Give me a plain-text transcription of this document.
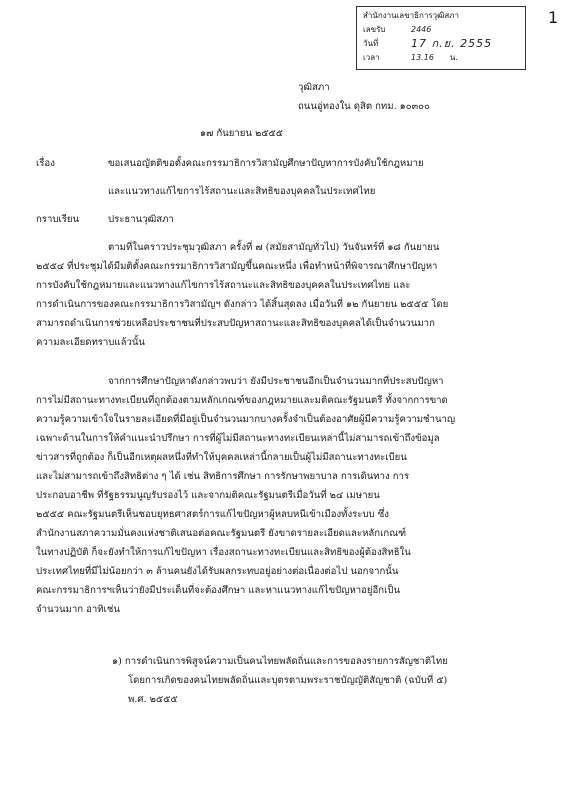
สำนักงานเลขาธิการวุฒิสภา
เลขรับ	2446
วันที่	17 ก.ย. 2555
เวลา	13.16 น.
1
วุฒิสภา
ถนนอู่ทองใน ดุสิต กทม. ๑๐๓๐๐
๑๗ กันยายน ๒๕๕๕
เรื่อง	ขอเสนอญัตติขอตั้งคณะกรรมาธิการวิสามัญศึกษาปัญหาการบังคับใช้กฎหมาย
และแนวทางแก้ไขการไร้สถานะและสิทธิของบุคคลในประเทศไทย
กราบเรียน	ประธานวุฒิสภา
ตามที่ในคราวประชุมวุฒิสภา ครั้งที่ ๗ (สมัยสามัญทั่วไป) วันจันทร์ที่ ๑๘ กันยายน
๒๕๕๔ ที่ประชุมได้มีมติตั้งคณะกรรมาธิการวิสามัญขึ้นคณะหนึ่ง เพื่อทำหน้าที่พิจารณาศึกษาปัญหา
การบังคับใช้กฎหมายและแนวทางแก้ไขการไร้สถานะและสิทธิของบุคคลในประเทศไทย และ
การดำเนินการของคณะกรรมาธิการวิสามัญฯ ดังกล่าว ได้สิ้นสุดลง เมื่อวันที่ ๑๒ กันยายน ๒๕๕๕ โดย
สามารถดำเนินการช่วยเหลือประชาชนที่ประสบปัญหาสถานะและสิทธิของบุคคลได้เป็นจำนวนมาก
ความละเอียดทราบแล้วนั้น
จากการศึกษาปัญหาดังกล่าวพบว่า ยังมีประชาชนอีกเป็นจำนวนมากที่ประสบปัญหา
การไม่มีสถานะทางทะเบียนที่ถูกต้องตามหลักเกณฑ์ของกฎหมายและมติคณะรัฐมนตรี ทั้งจากการขาด
ความรู้ความเข้าใจในรายละเอียดที่มีอยู่เป็นจำนวนมากบางครั้งจำเป็นต้องอาศัยผู้มีความรู้ความชำนาญ
เฉพาะด้านในการให้คำแนะนำปรึกษา การที่ผู้ไม่มีสถานะทางทะเบียนเหล่านี้ไม่สามารถเข้าถึงข้อมูล
ข่าวสารที่ถูกต้อง ก็เป็นอีกเหตุผลหนึ่งที่ทำให้บุคคลเหล่านี้กลายเป็นผู้ไม่มีสถานะทางทะเบียน
และไม่สามารถเข้าถึงสิทธิต่าง ๆ ได้ เช่น สิทธิการศึกษา การรักษาพยาบาล การเดินทาง การ
ประกอบอาชีพ ที่รัฐธรรมนูญรับรองไว้ และจากมติคณะรัฐมนตรีเมื่อวันที่ ๒๔ เมษายน
๒๕๕๕ คณะรัฐมนตรีเห็นชอบยุทธศาสตร์การแก้ไขปัญหาผู้หลบหนีเข้าเมืองทั้งระบบ ซึ่ง
สำนักงานสภาความมั่นคงแห่งชาติเสนอต่อคณะรัฐมนตรี ยังขาดรายละเอียดและหลักเกณฑ์
ในทางปฏิบัติ ก็จะยังทำให้การแก้ไขปัญหา เรื่องสถานะทางทะเบียนและสิทธิของผู้ต้องสิทธิใน
ประเทศไทยที่มีไม่น้อยกว่า ๓ ล้านคนยังได้รับผลกระทบอยู่อย่างต่อเนื่องต่อไป นอกจากนั้น
คณะกรรมาธิการฯเห็นว่ายังมีประเด็นที่จะต้องศึกษา และหาแนวทางแก้ไขปัญหาอยู่อีกเป็น
จำนวนมาก อาทิเช่น
๑) การดำเนินการพิสูจน์ความเป็นคนไทยพลัดถิ่นและการขอลงรายการสัญชาติไทย
โดยการเกิดของคนไทยพลัดถิ่นและบุตรตามพระราชบัญญัติสัญชาติ (ฉบับที่ ๕)
พ.ศ. ๒๕๕๕
